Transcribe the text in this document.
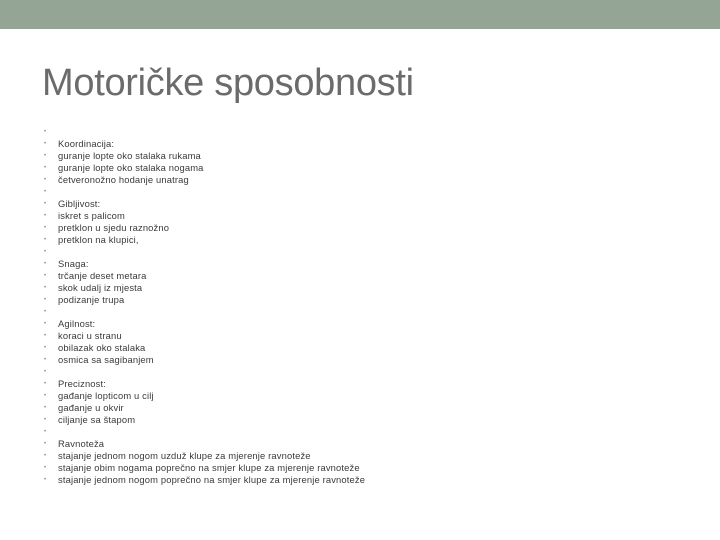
Motoričke sposobnosti
•
•
Koordinacija:
•
guranje lopte oko stalaka rukama
•
guranje lopte oko stalaka nogama
•
četveronožno hodanje unatrag
•
•
Gibljivost:
•
iskret s palicom
•
pretklon u sjedu raznožno
•
pretklon na klupici,
•
•
Snaga:
•
trčanje deset metara
•
skok udalj iz mjesta
•
podizanje trupa
•
•
Agilnost:
•
koraci u stranu
•
obilazak oko stalaka
•
osmica sa sagibanjem
•
•
Preciznost:
•
gađanje lopticom u cilj
•
gađanje u okvir
•
ciljanje sa štapom
•
•
Ravnoteža
•
stajanje jednom nogom uzduž klupe za mjerenje ravnoteže
•
stajanje obim nogama poprečno na smjer klupe za mjerenje ravnoteže
•
stajanje jednom nogom poprečno na smjer klupe za mjerenje ravnoteže
